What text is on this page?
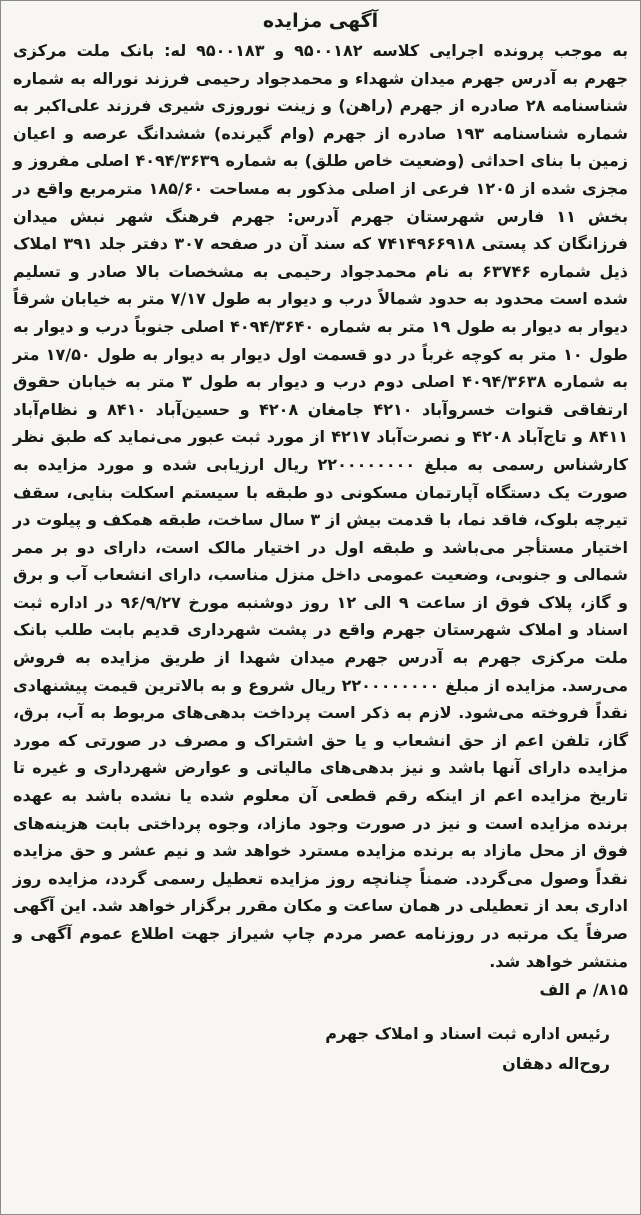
آگهی مزایده

به موجب پرونده اجرایی کلاسه ۹۵۰۰۱۸۲ و ۹۵۰۰۱۸۳ له: بانک ملت مرکزی جهرم به آدرس جهرم میدان شهداء و محمدجواد رحیمی فرزند نوراله به شماره شناسنامه ۲۸ صادره از جهرم (راهن) و زینت نوروزی شیری فرزند علی‌اکبر به شماره شناسنامه ۱۹۳ صادره از جهرم (وام گیرنده) ششدانگ عرصه و اعیان زمین با بنای احداثی (وضعیت خاص طلق) به شماره ۴۰۹۴/۳۶۳۹ اصلی مفروز و مجزی شده از ۱۲۰۵ فرعی از اصلی مذکور به مساحت ۱۸۵/۶۰ مترمربع واقع در بخش ۱۱ فارس شهرستان جهرم آدرس: جهرم فرهنگ شهر نبش میدان فرزانگان کد پستی ۷۴۱۴۹۶۶۹۱۸ که سند آن در صفحه ۳۰۷ دفتر جلد ۳۹۱ املاک ذیل شماره ۶۳۷۴۶ به نام محمدجواد رحیمی به مشخصات بالا صادر و تسلیم شده است محدود به حدود شمالاً درب و دیوار به طول ۷/۱۷ متر به خیابان شرقاً دیوار به دیوار به طول ۱۹ متر به شماره ۴۰۹۴/۳۶۴۰ اصلی جنوباً درب و دیوار به طول ۱۰ متر به کوچه غرباً در دو قسمت اول دیوار به دیوار به طول ۱۷/۵۰ متر به شماره ۴۰۹۴/۳۶۳۸ اصلی دوم درب و دیوار به طول ۳ متر به خیابان حقوق ارتفاقی قنوات خسروآباد ۴۲۱۰ جامغان ۴۲۰۸ و حسین‌آباد ۸۴۱۰ و نظام‌آباد ۸۴۱۱ و تاج‌آباد ۴۲۰۸ و نصرت‌آباد ۴۲۱۷ از مورد ثبت عبور می‌نماید که طبق نظر کارشناس رسمی به مبلغ ۲۲۰۰۰۰۰۰۰۰ ریال ارزیابی شده و مورد مزایده به صورت یک دستگاه آپارتمان مسکونی دو طبقه با سیستم اسکلت بنایی، سقف تیرچه بلوک، فاقد نما، با قدمت بیش از ۳ سال ساخت، طبقه همکف و پیلوت در اختیار مستأجر می‌باشد و طبقه اول در اختیار مالک است، دارای دو بر ممر شمالی و جنوبی، وضعیت عمومی داخل منزل مناسب، دارای انشعاب آب و برق و گاز، پلاک فوق از ساعت ۹ الی ۱۲ روز دوشنبه مورخ ۹۶/۹/۲۷ در اداره ثبت اسناد و املاک شهرستان جهرم واقع در پشت شهرداری قدیم بابت طلب بانک ملت مرکزی جهرم به آدرس جهرم میدان شهدا از طریق مزایده به فروش می‌رسد. مزایده از مبلغ ۲۲۰۰۰۰۰۰۰۰ ریال شروع و به بالاترین قیمت پیشنهادی نقداً فروخته می‌شود. لازم به ذکر است پرداخت بدهی‌های مربوط به آب، برق، گاز، تلفن اعم از حق انشعاب و یا حق اشتراک و مصرف در صورتی که مورد مزایده دارای آنها باشد و نیز بدهی‌های مالیاتی و عوارض شهرداری و غیره تا تاریخ مزایده اعم از اینکه رقم قطعی آن معلوم شده یا نشده باشد به عهده برنده مزایده است و نیز در صورت وجود مازاد، وجوه پرداختی بابت هزینه‌های فوق از محل مازاد به برنده مزایده مسترد خواهد شد و نیم عشر و حق مزایده نقداً وصول می‌گردد. ضمناً چنانچه روز مزایده تعطیل رسمی گردد، مزایده روز اداری بعد از تعطیلی در همان ساعت و مکان مقرر برگزار خواهد شد. این آگهی صرفاً یک مرتبه در روزنامه عصر مردم چاپ شیراز جهت اطلاع عموم آگهی و منتشر خواهد شد.

۸۱۵/ م الف
رئیس اداره ثبت اسناد و املاک جهرم
روح‌اله دهقان
